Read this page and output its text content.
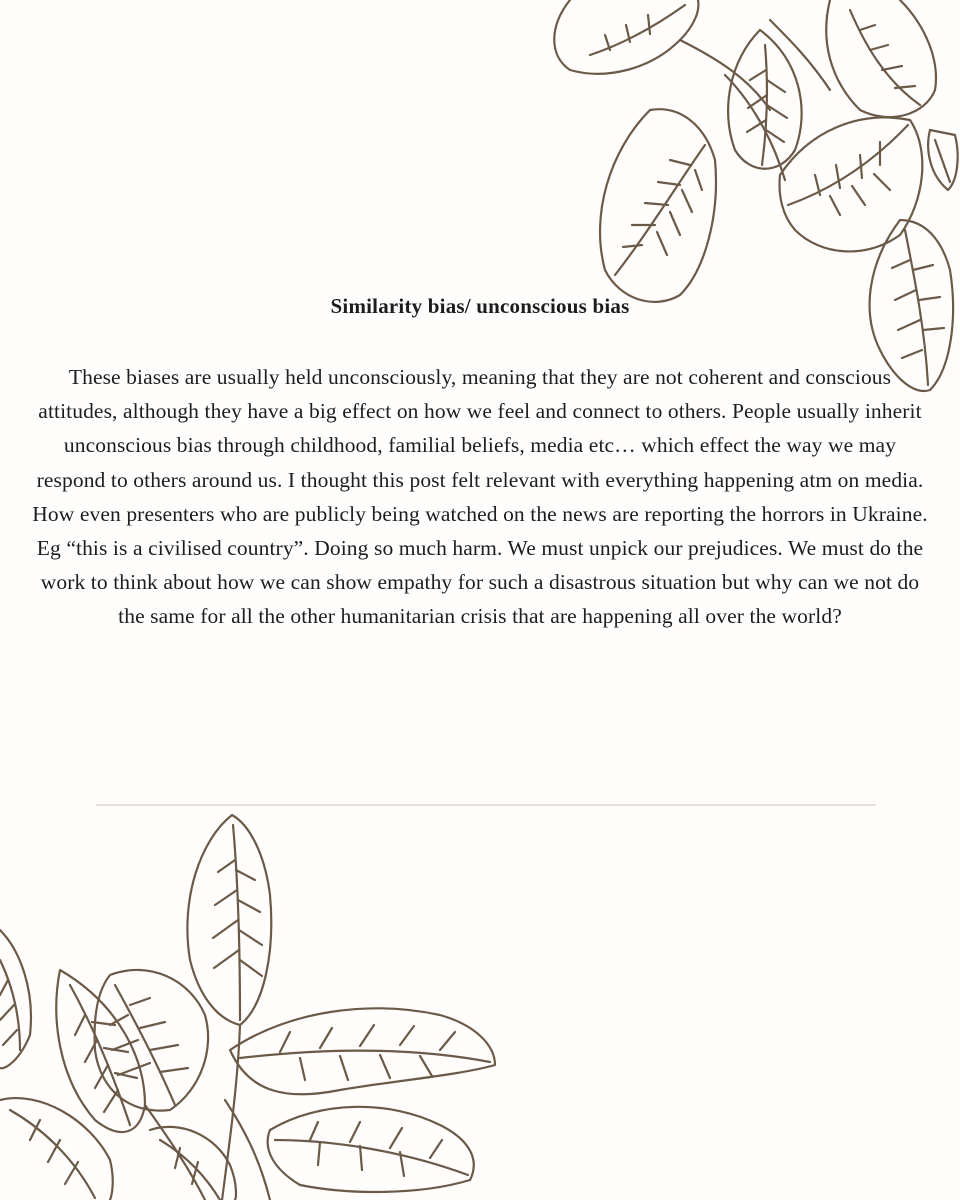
Similarity bias/ unconscious bias

These biases are usually held unconsciously, meaning that they are not coherent and conscious attitudes, although they have a big effect on how we feel and connect to others. People usually inherit unconscious bias through childhood, familial beliefs, media etc… which effect the way we may respond to others around us. I thought this post felt relevant with everything happening atm on media. How even presenters who are publicly being watched on the news are reporting the horrors in Ukraine. Eg “this is a civilised country”. Doing so much harm. We must unpick our prejudices. We must do the work to think about how we can show empathy for such a disastrous situation but why can we not do the same for all the other humanitarian crisis that are happening all over the world?
